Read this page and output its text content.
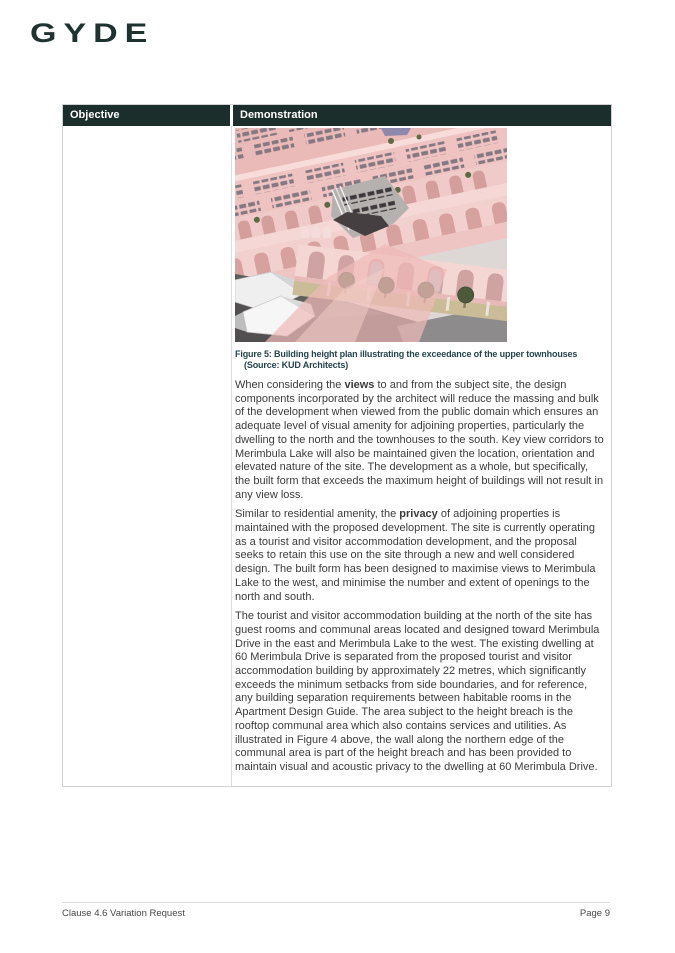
GYDE
Objective	Demonstration
Figure 5: Building height plan illustrating the exceedance of the upper townhouses
(Source: KUD Architects)

When considering the views to and from the subject site, the design components incorporated by the architect will reduce the massing and bulk of the development when viewed from the public domain which ensures an adequate level of visual amenity for adjoining properties, particularly the dwelling to the north and the townhouses to the south. Key view corridors to Merimbula Lake will also be maintained given the location, orientation and elevated nature of the site. The development as a whole, but specifically, the built form that exceeds the maximum height of buildings will not result in any view loss.

Similar to residential amenity, the privacy of adjoining properties is maintained with the proposed development. The site is currently operating as a tourist and visitor accommodation development, and the proposal seeks to retain this use on the site through a new and well considered design. The built form has been designed to maximise views to Merimbula Lake to the west, and minimise the number and extent of openings to the north and south.

The tourist and visitor accommodation building at the north of the site has guest rooms and communal areas located and designed toward Merimbula Drive in the east and Merimbula Lake to the west. The existing dwelling at 60 Merimbula Drive is separated from the proposed tourist and visitor accommodation building by approximately 22 metres, which significantly exceeds the minimum setbacks from side boundaries, and for reference, any building separation requirements between habitable rooms in the Apartment Design Guide. The area subject to the height breach is the rooftop communal area which also contains services and utilities. As illustrated in Figure 4 above, the wall along the northern edge of the communal area is part of the height breach and has been provided to maintain visual and acoustic privacy to the dwelling at 60 Merimbula Drive.

Clause 4.6 Variation Request	Page 9
